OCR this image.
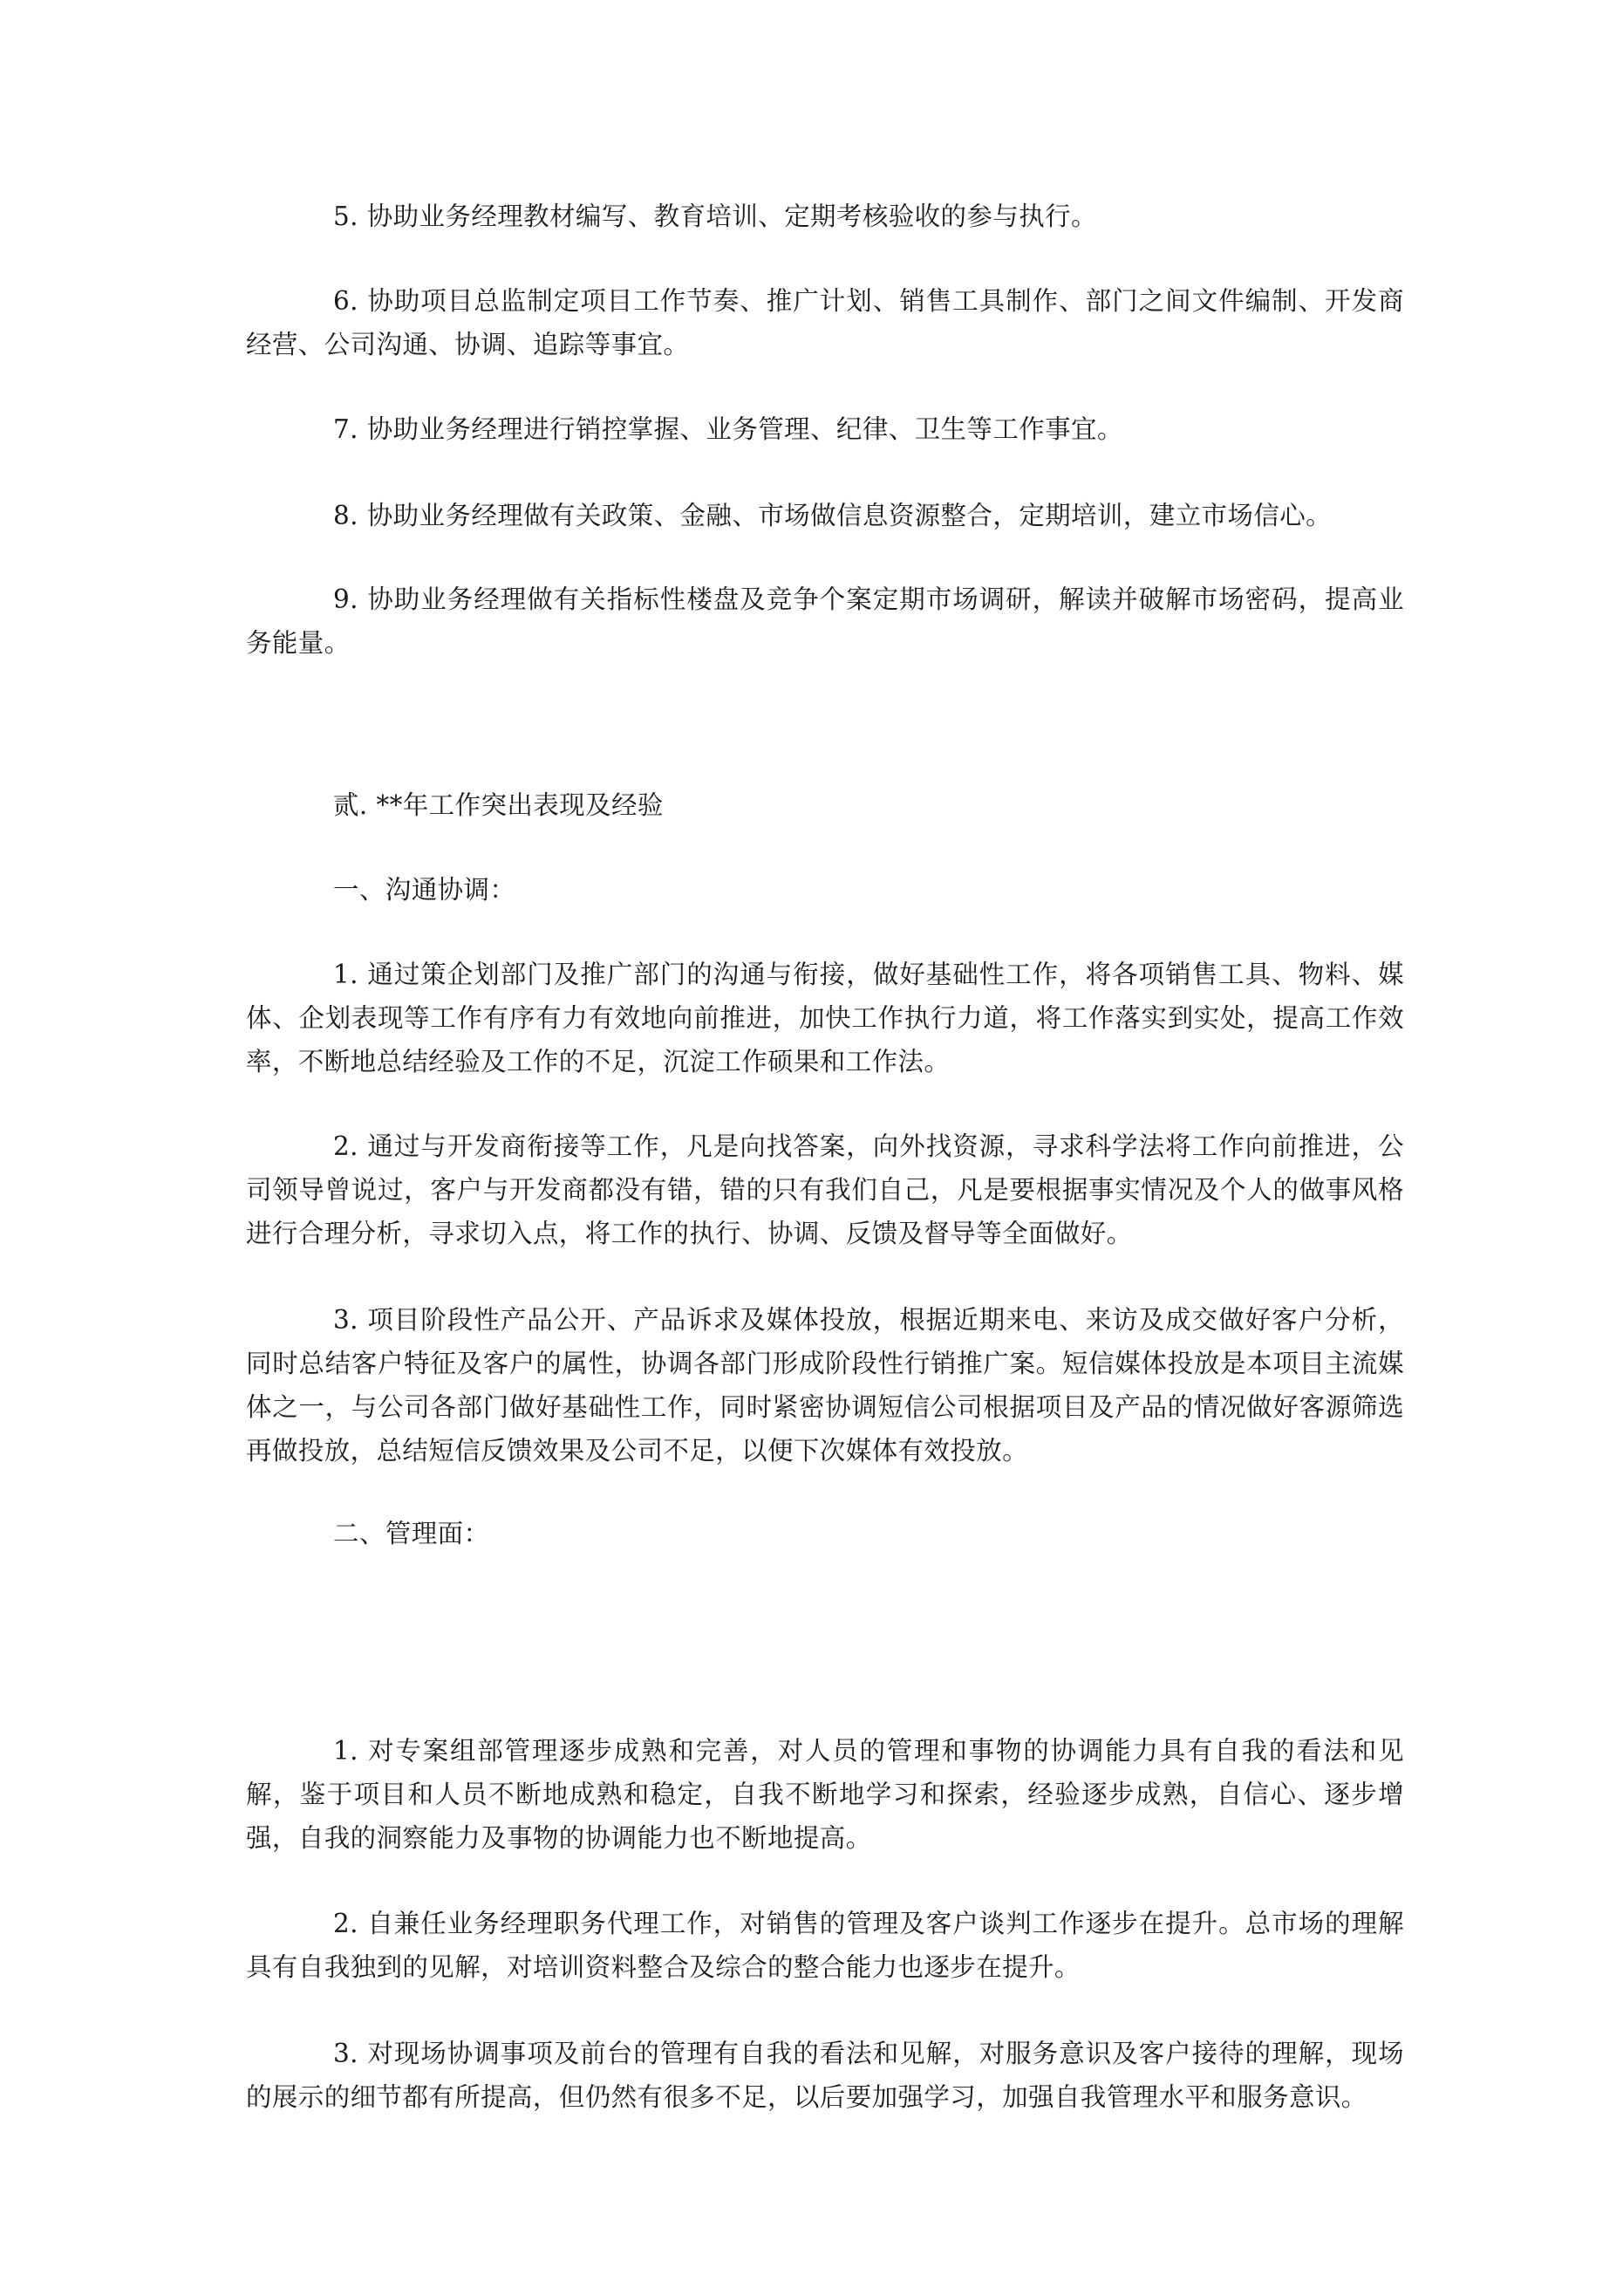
5. 协助业务经理教材编写、教育培训、定期考核验收的参与执行。

6. 协助项目总监制定项目工作节奏、推广计划、销售工具制作、部门之间文件编制、开发商经营、公司沟通、协调、追踪等事宜。

7. 协助业务经理进行销控掌握、业务管理、纪律、卫生等工作事宜。

8. 协助业务经理做有关政策、金融、市场做信息资源整合，定期培训，建立市场信心。

9. 协助业务经理做有关指标性楼盘及竞争个案定期市场调研，解读并破解市场密码，提高业务能量。

贰. **年工作突出表现及经验

一、沟通协调：

1. 通过策企划部门及推广部门的沟通与衔接，做好基础性工作，将各项销售工具、物料、媒体、企划表现等工作有序有力有效地向前推进，加快工作执行力道，将工作落实到实处，提高工作效率，不断地总结经验及工作的不足，沉淀工作硕果和工作法。

2. 通过与开发商衔接等工作，凡是向找答案，向外找资源，寻求科学法将工作向前推进，公司领导曾说过，客户与开发商都没有错，错的只有我们自己，凡是要根据事实情况及个人的做事风格进行合理分析，寻求切入点，将工作的执行、协调、反馈及督导等全面做好。

3. 项目阶段性产品公开、产品诉求及媒体投放，根据近期来电、来访及成交做好客户分析，同时总结客户特征及客户的属性，协调各部门形成阶段性行销推广案。短信媒体投放是本项目主流媒体之一，与公司各部门做好基础性工作，同时紧密协调短信公司根据项目及产品的情况做好客源筛选再做投放，总结短信反馈效果及公司不足，以便下次媒体有效投放。

二、管理面：

1. 对专案组部管理逐步成熟和完善，对人员的管理和事物的协调能力具有自我的看法和见解，鉴于项目和人员不断地成熟和稳定，自我不断地学习和探索，经验逐步成熟，自信心、逐步增强，自我的洞察能力及事物的协调能力也不断地提高。

2. 自兼任业务经理职务代理工作，对销售的管理及客户谈判工作逐步在提升。总市场的理解具有自我独到的见解，对培训资料整合及综合的整合能力也逐步在提升。

3. 对现场协调事项及前台的管理有自我的看法和见解，对服务意识及客户接待的理解，现场的展示的细节都有所提高，但仍然有很多不足，以后要加强学习，加强自我管理水平和服务意识。
